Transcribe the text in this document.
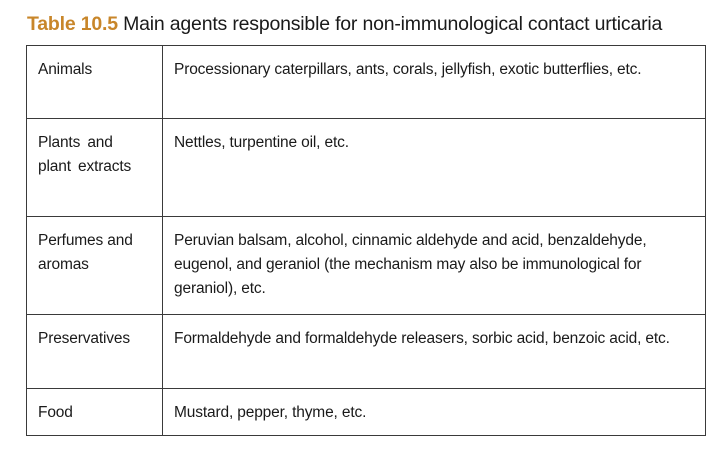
Table 10.5 Main agents responsible for non-immunological contact urticaria
Animals	Processionary caterpillars, ants, corals, jellyfish, exotic butterflies, etc.
Plants and plant extracts	Nettles, turpentine oil, etc.
Perfumes and aromas	Peruvian balsam, alcohol, cinnamic aldehyde and acid, benzaldehyde, eugenol, and geraniol (the mechanism may also be immunological for geraniol), etc.
Preservatives	Formaldehyde and formaldehyde releasers, sorbic acid, benzoic acid, etc.
Food	Mustard, pepper, thyme, etc.
